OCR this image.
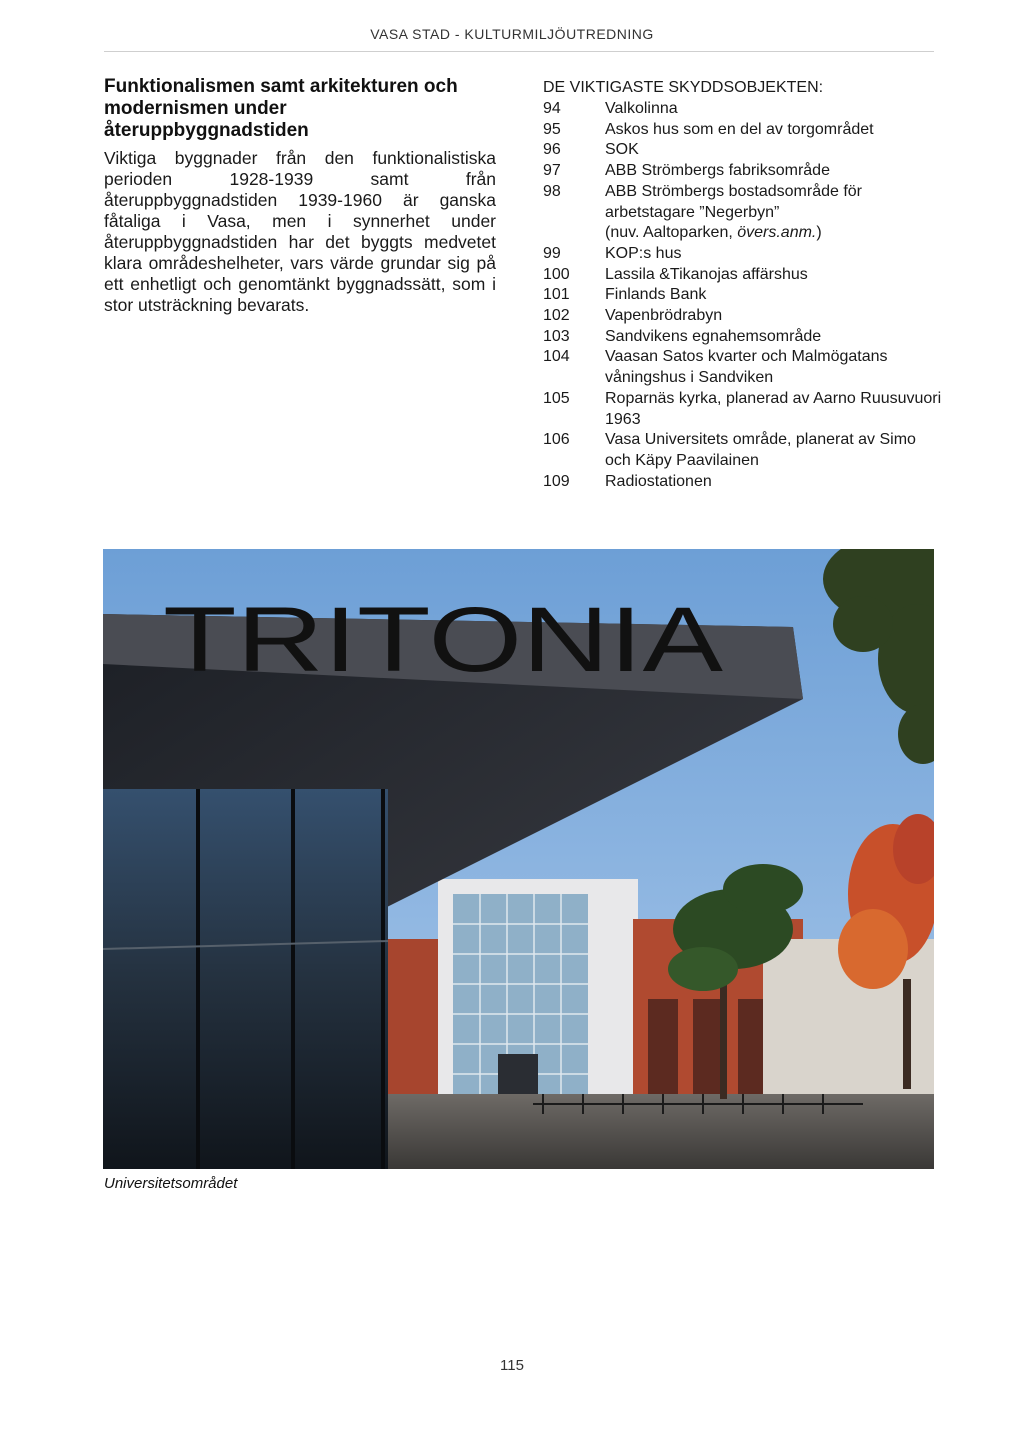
VASA STAD - KULTURMILJÖUTREDNING
Funktionalismen samt arkitekturen och modernismen under återuppbyggnadstiden

Viktiga byggnader från den funktionalistiska perioden 1928-1939 samt från återuppbyggnadstiden 1939-1960 är ganska fåtaliga i Vasa, men i synnerhet under återuppbyggnadstiden har det byggts medvetet klara områdeshelheter, vars värde grundar sig på ett enhetligt och genomtänkt byggnadssätt, som i stor utsträckning bevarats.

DE VIKTIGASTE SKYDDSOBJEKTEN:
94	Valkolinna
95	Askos hus som en del av torgområdet
96	SOK
97	ABB Strömbergs fabriksområde
98	ABB Strömbergs bostadsområde för arbetstagare ”Negerbyn”
(nuv. Aaltoparken, övers.anm.)
99	KOP:s hus
100	Lassila &Tikanojas affärshus
101	Finlands Bank
102	Vapenbrödrabyn
103	Sandvikens egnahemsområde
104	Vaasan Satos kvarter och Malmögatans våningshus i Sandviken
105	Roparnäs kyrka, planerad av Aarno Ruusuvuori 1963
106	Vasa Universitets område, planerat av Simo och Käpy Paavilainen
109	Radiostationen
TRITONIA
Universitetsområdet
115
